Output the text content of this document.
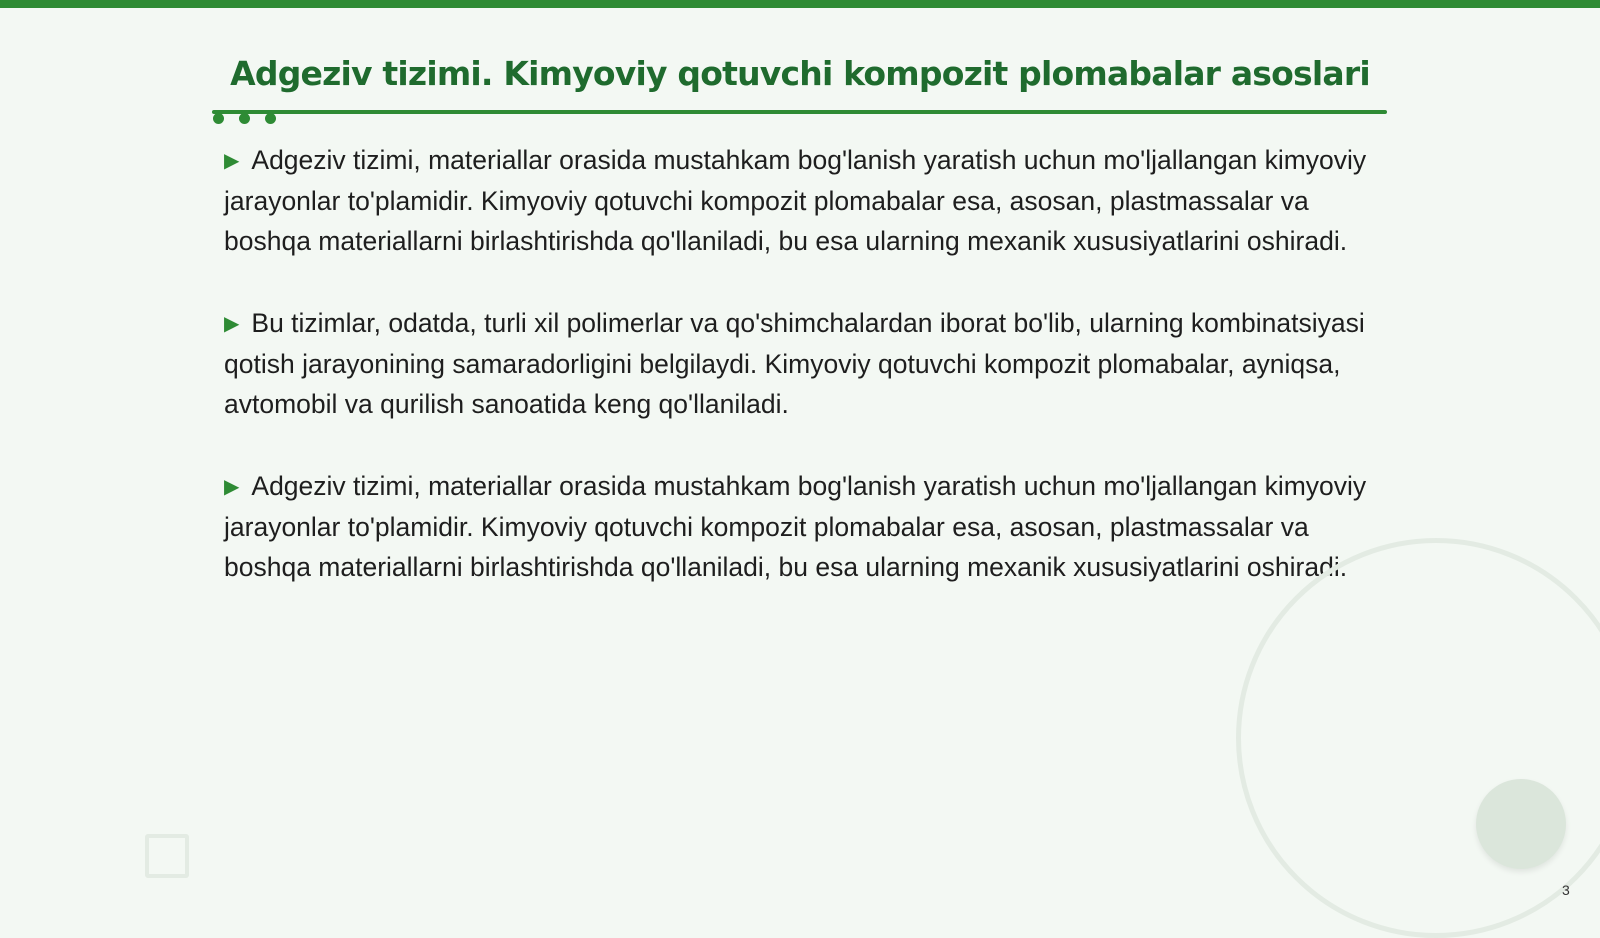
Adgeziv tizimi. Kimyoviy qotuvchi kompozit plomabalar asoslari

▶ Adgeziv tizimi, materiallar orasida mustahkam bog'lanish yaratish uchun mo'ljallangan kimyoviy jarayonlar to'plamidir. Kimyoviy qotuvchi kompozit plomabalar esa, asosan, plastmassalar va boshqa materiallarni birlashtirishda qo'llaniladi, bu esa ularning mexanik xususiyatlarini oshiradi.

▶ Bu tizimlar, odatda, turli xil polimerlar va qo'shimchalardan iborat bo'lib, ularning kombinatsiyasi qotish jarayonining samaradorligini belgilaydi. Kimyoviy qotuvchi kompozit plomabalar, ayniqsa, avtomobil va qurilish sanoatida keng qo'llaniladi.

▶ Adgeziv tizimi, materiallar orasida mustahkam bog'lanish yaratish uchun mo'ljallangan kimyoviy jarayonlar to'plamidir. Kimyoviy qotuvchi kompozit plomabalar esa, asosan, plastmassalar va boshqa materiallarni birlashtirishda qo'llaniladi, bu esa ularning mexanik xususiyatlarini oshiradi.

3
